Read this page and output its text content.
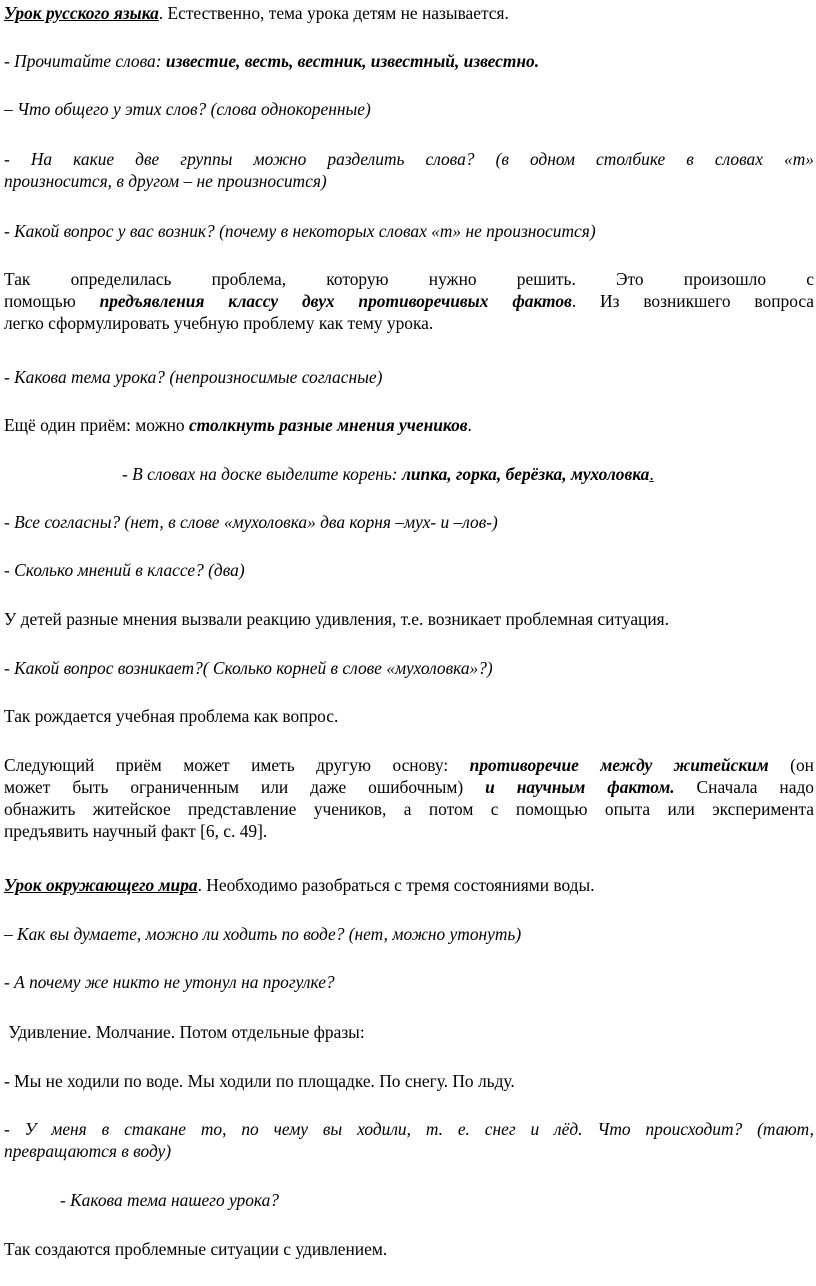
Урок русского языка. Естественно, тема урока детям не называется.

- Прочитайте слова: известие, весть, вестник, известный, известно.

– Что общего у этих слов? (слова однокоренные)

- На какие две группы можно разделить слова? (в одном столбике в словах «т»
произносится, в другом – не произносится)

- Какой вопрос у вас возник? (почему в некоторых словах «т» не произносится)

Так определилась проблема, которую нужно решить. Это произошло с
помощью предъявления классу двух противоречивых фактов. Из возникшего вопроса
легко сформулировать учебную проблему как тему урока.

- Какова тема урока? (непроизносимые согласные)

Ещё один приём: можно столкнуть разные мнения учеников.

- В словах на доске выделите корень: липка, горка, берёзка, мухоловка.

- Все согласны? (нет, в слове «мухоловка» два корня –мух- и –лов-)

- Сколько мнений в классе? (два)

У детей разные мнения вызвали реакцию удивления, т.е. возникает проблемная ситуация.

- Какой вопрос возникает?( Сколько корней в слове «мухоловка»?)

Так рождается учебная проблема как вопрос.

Следующий приём может иметь другую основу: противоречие между житейским (он
может быть ограниченным или даже ошибочным) и научным фактом. Сначала надо
обнажить житейское представление учеников, а потом с помощью опыта или эксперимента
предъявить научный факт [6, с. 49].

Урок окружающего мира. Необходимо разобраться с тремя состояниями воды.

– Как вы думаете, можно ли ходить по воде? (нет, можно утонуть)

- А почему же никто не утонул на прогулке?

Удивление. Молчание. Потом отдельные фразы:

- Мы не ходили по воде. Мы ходили по площадке. По снегу. По льду.

- У меня в стакане то, по чему вы ходили, т. е. снег и лёд. Что происходит? (тают,
превращаются в воду)

- Какова тема нашего урока?

Так создаются проблемные ситуации с удивлением.
